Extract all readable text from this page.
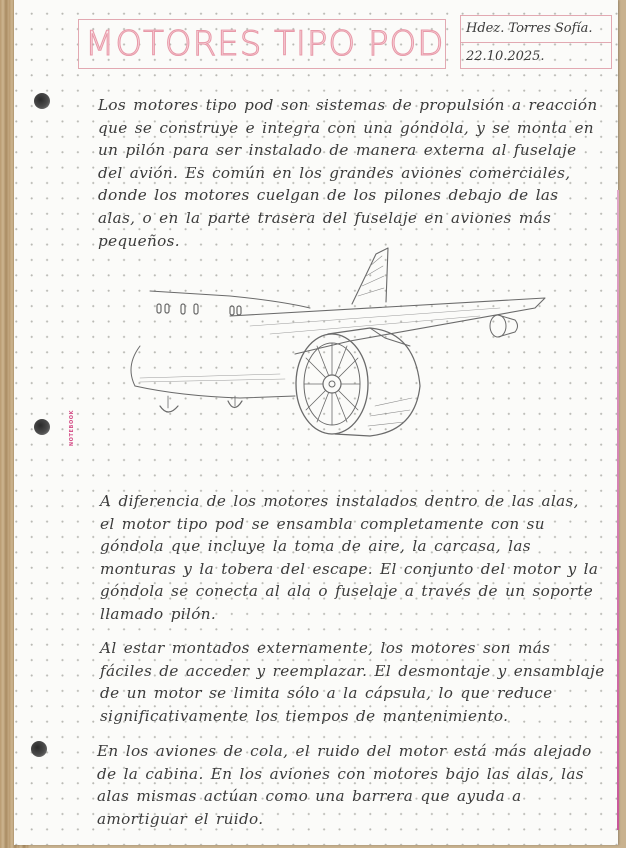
MOTORES TIPO POD Hdez. Torres Sofía.
22.10.2025.
NOTEBOOK

Los motores tipo pod son sistemas de propulsión a reacción que se construye e integra con una góndola, y se monta en un pilón para ser instalado de manera externa al fuselaje del avión. Es común en los grandes aviones comerciales, donde los motores cuelgan de los pilones debajo de las alas, o en la parte trasera del fuselaje en aviones más pequeños.

A diferencia de los motores instalados dentro de las alas, el motor tipo pod se ensambla completamente con su góndola que incluye la toma de aire, la carcasa, las monturas y la tobera del escape. El conjunto del motor y la góndola se conecta al ala o fuselaje a través de un soporte llamado pilón.

Al estar montados externamente, los motores son más fáciles de acceder y reemplazar. El desmontaje y ensamblaje de un motor se limita sólo a la cápsula, lo que reduce significativamente los tiempos de mantenimiento.

En los aviones de cola, el ruido del motor está más alejado de la cabina. En los aviones con motores bajo las alas, las alas mismas actúan como una barrera que ayuda a amortiguar el ruido.
